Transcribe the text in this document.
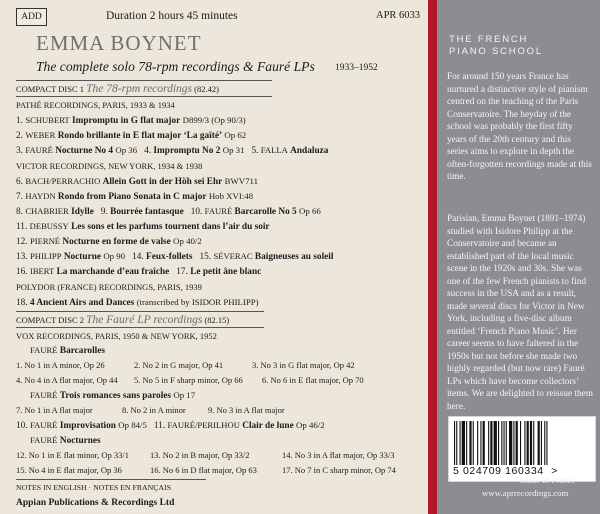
ADD	Duration 2 hours 45 minutes	APR 6033
EMMA BOYNET
The complete solo 78-rpm recordings & Fauré LPs 1933–1952
COMPACT DISC 1 The 78-rpm recordings (82.42)
PATHÉ RECORDINGS, PARIS, 1933 & 1934
1. SCHUBERT Impromptu in G flat major D899/3 (Op 90/3)
2. WEBER Rondo brillante in E flat major ‘La gaîté’ Op 62
3. FAURÉ Nocturne No 4 Op 36 4. Impromptu No 2 Op 31 5. FALLA Andaluza
VICTOR RECORDINGS, NEW YORK, 1934 & 1938
6. BACH/PERRACHIO Allein Gott in der Höh sei Ehr BWV711
7. HAYDN Rondo from Piano Sonata in C major Hob XVI:48
8. CHABRIER Idylle 9. Bourrée fantasque 10. FAURÉ Barcarolle No 5 Op 66
11. DEBUSSY Les sons et les parfums tournent dans l’air du soir
12. PIERNÉ Nocturne en forme de valse Op 40/2
13. PHILIPP Nocturne Op 90 14. Feux-follets 15. SÉVERAC Baigneuses au soleil
16. IBERT La marchande d’eau fraîche 17. Le petit âne blanc
POLYDOR (FRANCE) RECORDINGS, PARIS, 1939
18. 4 Ancient Airs and Dances (transcribed by ISIDOR PHILIPP)
COMPACT DISC 2 The Fauré LP recordings (82.15)
VOX RECORDINGS, PARIS, 1950 & NEW YORK, 1952
FAURÉ Barcarolles
1. No 1 in A minor, Op 26	2. No 2 in G major, Op 41	3. No 3 in G flat major, Op 42
4. No 4 in A flat major, Op 44 5. No 5 in F sharp minor, Op 66 6. No 6 in E flat major, Op 70
FAURÉ Trois romances sans paroles Op 17
7. No 1 in A flat major	8. No 2 in A minor	9. No 3 in A flat major
10. FAURÉ Improvisation Op 84/5 11. FAURÉ/PERILHOU Clair de lune Op 46/2
FAURÉ Nocturnes
12. No 1 in E flat minor, Op 33/1 13. No 2 in B major, Op 33/2	14. No 3 in A flat major, Op 33/3
15. No 4 in E flat major, Op 36	16. No 6 in D flat major, Op 63	17. No 7 in C sharp minor, Op 74
NOTES IN ENGLISH · NOTES EN FRANÇAIS
Appian Publications & Recordings Ltd
THE FRENCH
PIANO SCHOOL
For around 150 years France has nurtured a distinctive style of pianism centred on the teaching of the Paris Conservatoire. The heyday of the school was probably the first fifty years of the 20th century and this series aims to explore in depth the often-forgotten recordings made at this time.
Parisian, Emma Boynet (1891–1974) studied with Isidore Philipp at the Conservatoire and became an established part of the local music scene in the 1920s and 30s. She was one of the few French pianists to find success in the USA and as a result, made several discs for Victor in New York, including a five-disc album entitled ‘French Piano Music’. Her career seems to have faltered in the 1950s but not before she made two highly regarded (but now rare) Fauré LPs which have become collectors’ items. We are delighted to reissue them here.
5 024709 160334 >
Made in France
www.aprrecordings.com
